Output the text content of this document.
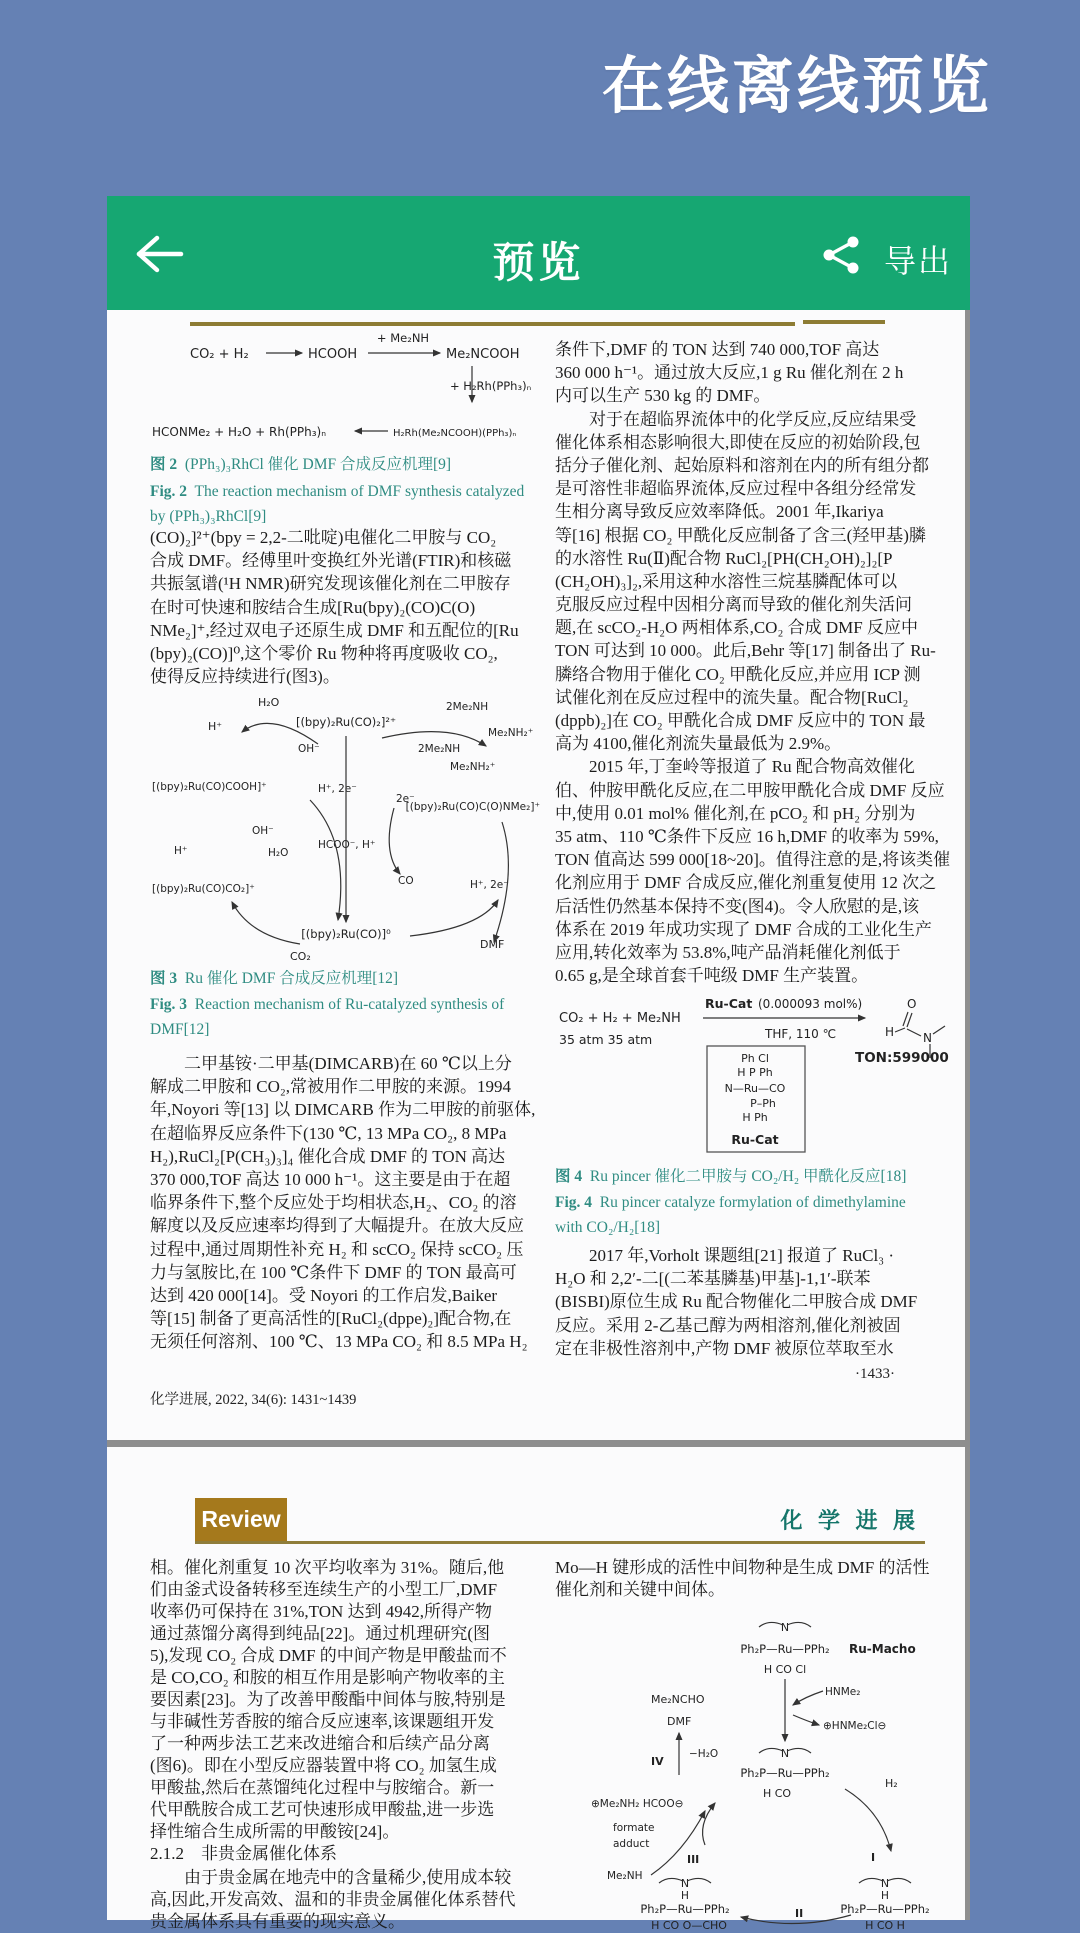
在线离线预览
预览	导出
CO₂ + H₂	HCOOH
+ Me₂NH
Me₂NCOOH
+ H₂Rh(PPh₃)ₙ
HCONMe₂ + H₂O + Rh(PPh₃)ₙ	H₂Rh(Me₂NCOOH)(PPh₃)ₙ
图 2  (PPh₃)₃RhCl 催化 DMF 合成反应机理[9]
Fig. 2  The reaction mechanism of DMF synthesis catalyzed
by (PPh₃)₃RhCl[9]
(CO)₂]²⁺(bpy = 2,2-二吡啶)电催化二甲胺与 CO₂
合成 DMF。经傅里叶变换红外光谱(FTIR)和核磁
共振氢谱(¹H NMR)研究发现该催化剂在二甲胺存
在时可快速和胺结合生成[Ru(bpy)₂(CO)C(O)
NMe₂]⁺,经过双电子还原生成 DMF 和五配位的[Ru
(bpy)₂(CO)]⁰,这个零价 Ru 物种将再度吸收 CO₂,
使得反应持续进行(图3)。
H₂O
H⁺	[(bpy)₂Ru(CO)₂]²⁺
2Me₂NH
Me₂NH₂⁺
2Me₂NH
Me₂NH₂⁺
OH⁻
[(bpy)₂Ru(CO)COOH]⁺	H⁺, 2e⁻
2e⁻
[(bpy)₂Ru(CO)C(O)NMe₂]⁺
OH⁻
H⁺	H₂O
HCOO⁻, H⁺
CO
[(bpy)₂Ru(CO)CO₂]⁺	H⁺, 2e⁻
[(bpy)₂Ru(CO)]⁰
CO₂
DMF
图 3  Ru 催化 DMF 合成反应机理[12]
Fig. 3  Reaction mechanism of Ru-catalyzed synthesis of
DMF[12]
　　二甲基铵·二甲基(DIMCARB)在 60 ℃以上分
解成二甲胺和 CO₂,常被用作二甲胺的来源。1994
年,Noyori 等[13] 以 DIMCARB 作为二甲胺的前驱体,
在超临界反应条件下(130 ℃, 13 MPa CO₂, 8 MPa
H₂),RuCl₂[P(CH₃)₃]₄ 催化合成 DMF 的 TON 高达
370 000,TOF 高达 10 000 h⁻¹。这主要是由于在超
临界条件下,整个反应处于均相状态,H₂、CO₂ 的溶
解度以及反应速率均得到了大幅提升。在放大反应
过程中,通过周期性补充 H₂ 和 scCO₂ 保持 scCO₂ 压
力与氢胺比,在 100 ℃条件下 DMF 的 TON 最高可
达到 420 000[14]。受 Noyori 的工作启发,Baiker
等[15] 制备了更高活性的[RuCl₂(dppe)₂]配合物,在
无须任何溶剂、100 ℃、13 MPa CO₂ 和 8.5 MPa H₂
化学进展, 2022, 34(6): 1431~1439
条件下,DMF 的 TON 达到 740 000,TOF 高达
360 000 h⁻¹。通过放大反应,1 g Ru 催化剂在 2 h
内可以生产 530 kg 的 DMF。
　　对于在超临界流体中的化学反应,反应结果受
催化体系相态影响很大,即使在反应的初始阶段,包
括分子催化剂、起始原料和溶剂在内的所有组分都
是可溶性非超临界流体,反应过程中各组分经常发
生相分离导致反应效率降低。2001 年,Ikariya
等[16] 根据 CO₂ 甲酰化反应制备了含三(羟甲基)膦
的水溶性 Ru(Ⅱ)配合物 RuCl₂[PH(CH₂OH)₂]₂[P
(CH₂OH)₃]₂,采用这种水溶性三烷基膦配体可以
克服反应过程中因相分离而导致的催化剂失活问
题,在 scCO₂-H₂O 两相体系,CO₂ 合成 DMF 反应中
TON 可达到 10 000。此后,Behr 等[17] 制备出了 Ru-
膦络合物用于催化 CO₂ 甲酰化反应,并应用 ICP 测
试催化剂在反应过程中的流失量。配合物[RuCl₂
(dppb)₂]在 CO₂ 甲酰化合成 DMF 反应中的 TON 最
高为 4100,催化剂流失量最低为 2.9%。
　　2015 年,丁奎岭等报道了 Ru 配合物高效催化
伯、仲胺甲酰化反应,在二甲胺甲酰化合成 DMF 反应
中,使用 0.01 mol% 催化剂,在 pCO₂ 和 pH₂ 分别为
35 atm、110 ℃条件下反应 16 h,DMF 的收率为 59%,
TON 值高达 599 000[18~20]。值得注意的是,将该类催
化剂应用于 DMF 合成反应,催化剂重复使用 12 次之
后活性仍然基本保持不变(图4)。令人欣慰的是,该
体系在 2019 年成功实现了 DMF 合成的工业化生产
应用,转化效率为 53.8%,吨产品消耗催化剂低于
0.65 g,是全球首套千吨级 DMF 生产装置。
CO₂ + H₂ + Me₂NH
35 atm 35 atm
Ru-Cat (0.000093 mol%)
THF, 110 ℃
O
H N
TON:599000
Ph Cl
H P Ph
N—Ru—CO
P–Ph
H Ph
Ru-Cat
图 4  Ru pincer 催化二甲胺与 CO₂/H₂ 甲酰化反应[18]
Fig. 4  Ru pincer catalyze formylation of dimethylamine
with CO₂/H₂[18]
　　2017 年,Vorholt 课题组[21] 报道了 RuCl₃ ·
H₂O 和 2,2′-二[(二苯基膦基)甲基]-1,1′-联苯
(BISBI)原位生成 Ru 配合物催化二甲胺合成 DMF
反应。采用 2-乙基己醇为两相溶剂,催化剂被固
定在非极性溶剂中,产物 DMF 被原位萃取至水
·1433·
Review	化 学 进 展
相。催化剂重复 10 次平均收率为 31%。随后,他
们由釜式设备转移至连续生产的小型工厂,DMF
收率仍可保持在 31%,TON 达到 4942,所得产物
通过蒸馏分离得到纯品[22]。通过机理研究(图
5),发现 CO₂ 合成 DMF 的中间产物是甲酸盐而不
是 CO,CO₂ 和胺的相互作用是影响产物收率的主
要因素[23]。为了改善甲酸酯中间体与胺,特别是
与非碱性芳香胺的缩合反应速率,该课题组开发
了一种两步法工艺来改进缩合和后续产品分离
(图6)。即在小型反应器装置中将 CO₂ 加氢生成
甲酸盐,然后在蒸馏纯化过程中与胺缩合。新一
代甲酰胺合成工艺可快速形成甲酸盐,进一步选
择性缩合生成所需的甲酸铵[24]。
2.1.2　非贵金属催化体系
　　由于贵金属在地壳中的含量稀少,使用成本较
高,因此,开发高效、温和的非贵金属催化体系替代
贵金属体系具有重要的现实意义。
Mo—H 键形成的活性中间物种是生成 DMF 的活性
催化剂和关键中间体。
N
Ph₂P—Ru—PPh₂
H CO Cl
Ru-Macho
HNMe₂
⊕HNMe₂Cl⊖
Me₂NCHO
DMF
IV
−H₂O	N
Ph₂P—Ru—PPh₂
H CO
H₂
I
⊕Me₂NH₂ HCOO⊖
formate
adduct
III
Me₂NH
N
H
Ph₂P—Ru—PPh₂
H CO O—CHO
N
H
Ph₂P—Ru—PPh₂
H CO H
II
